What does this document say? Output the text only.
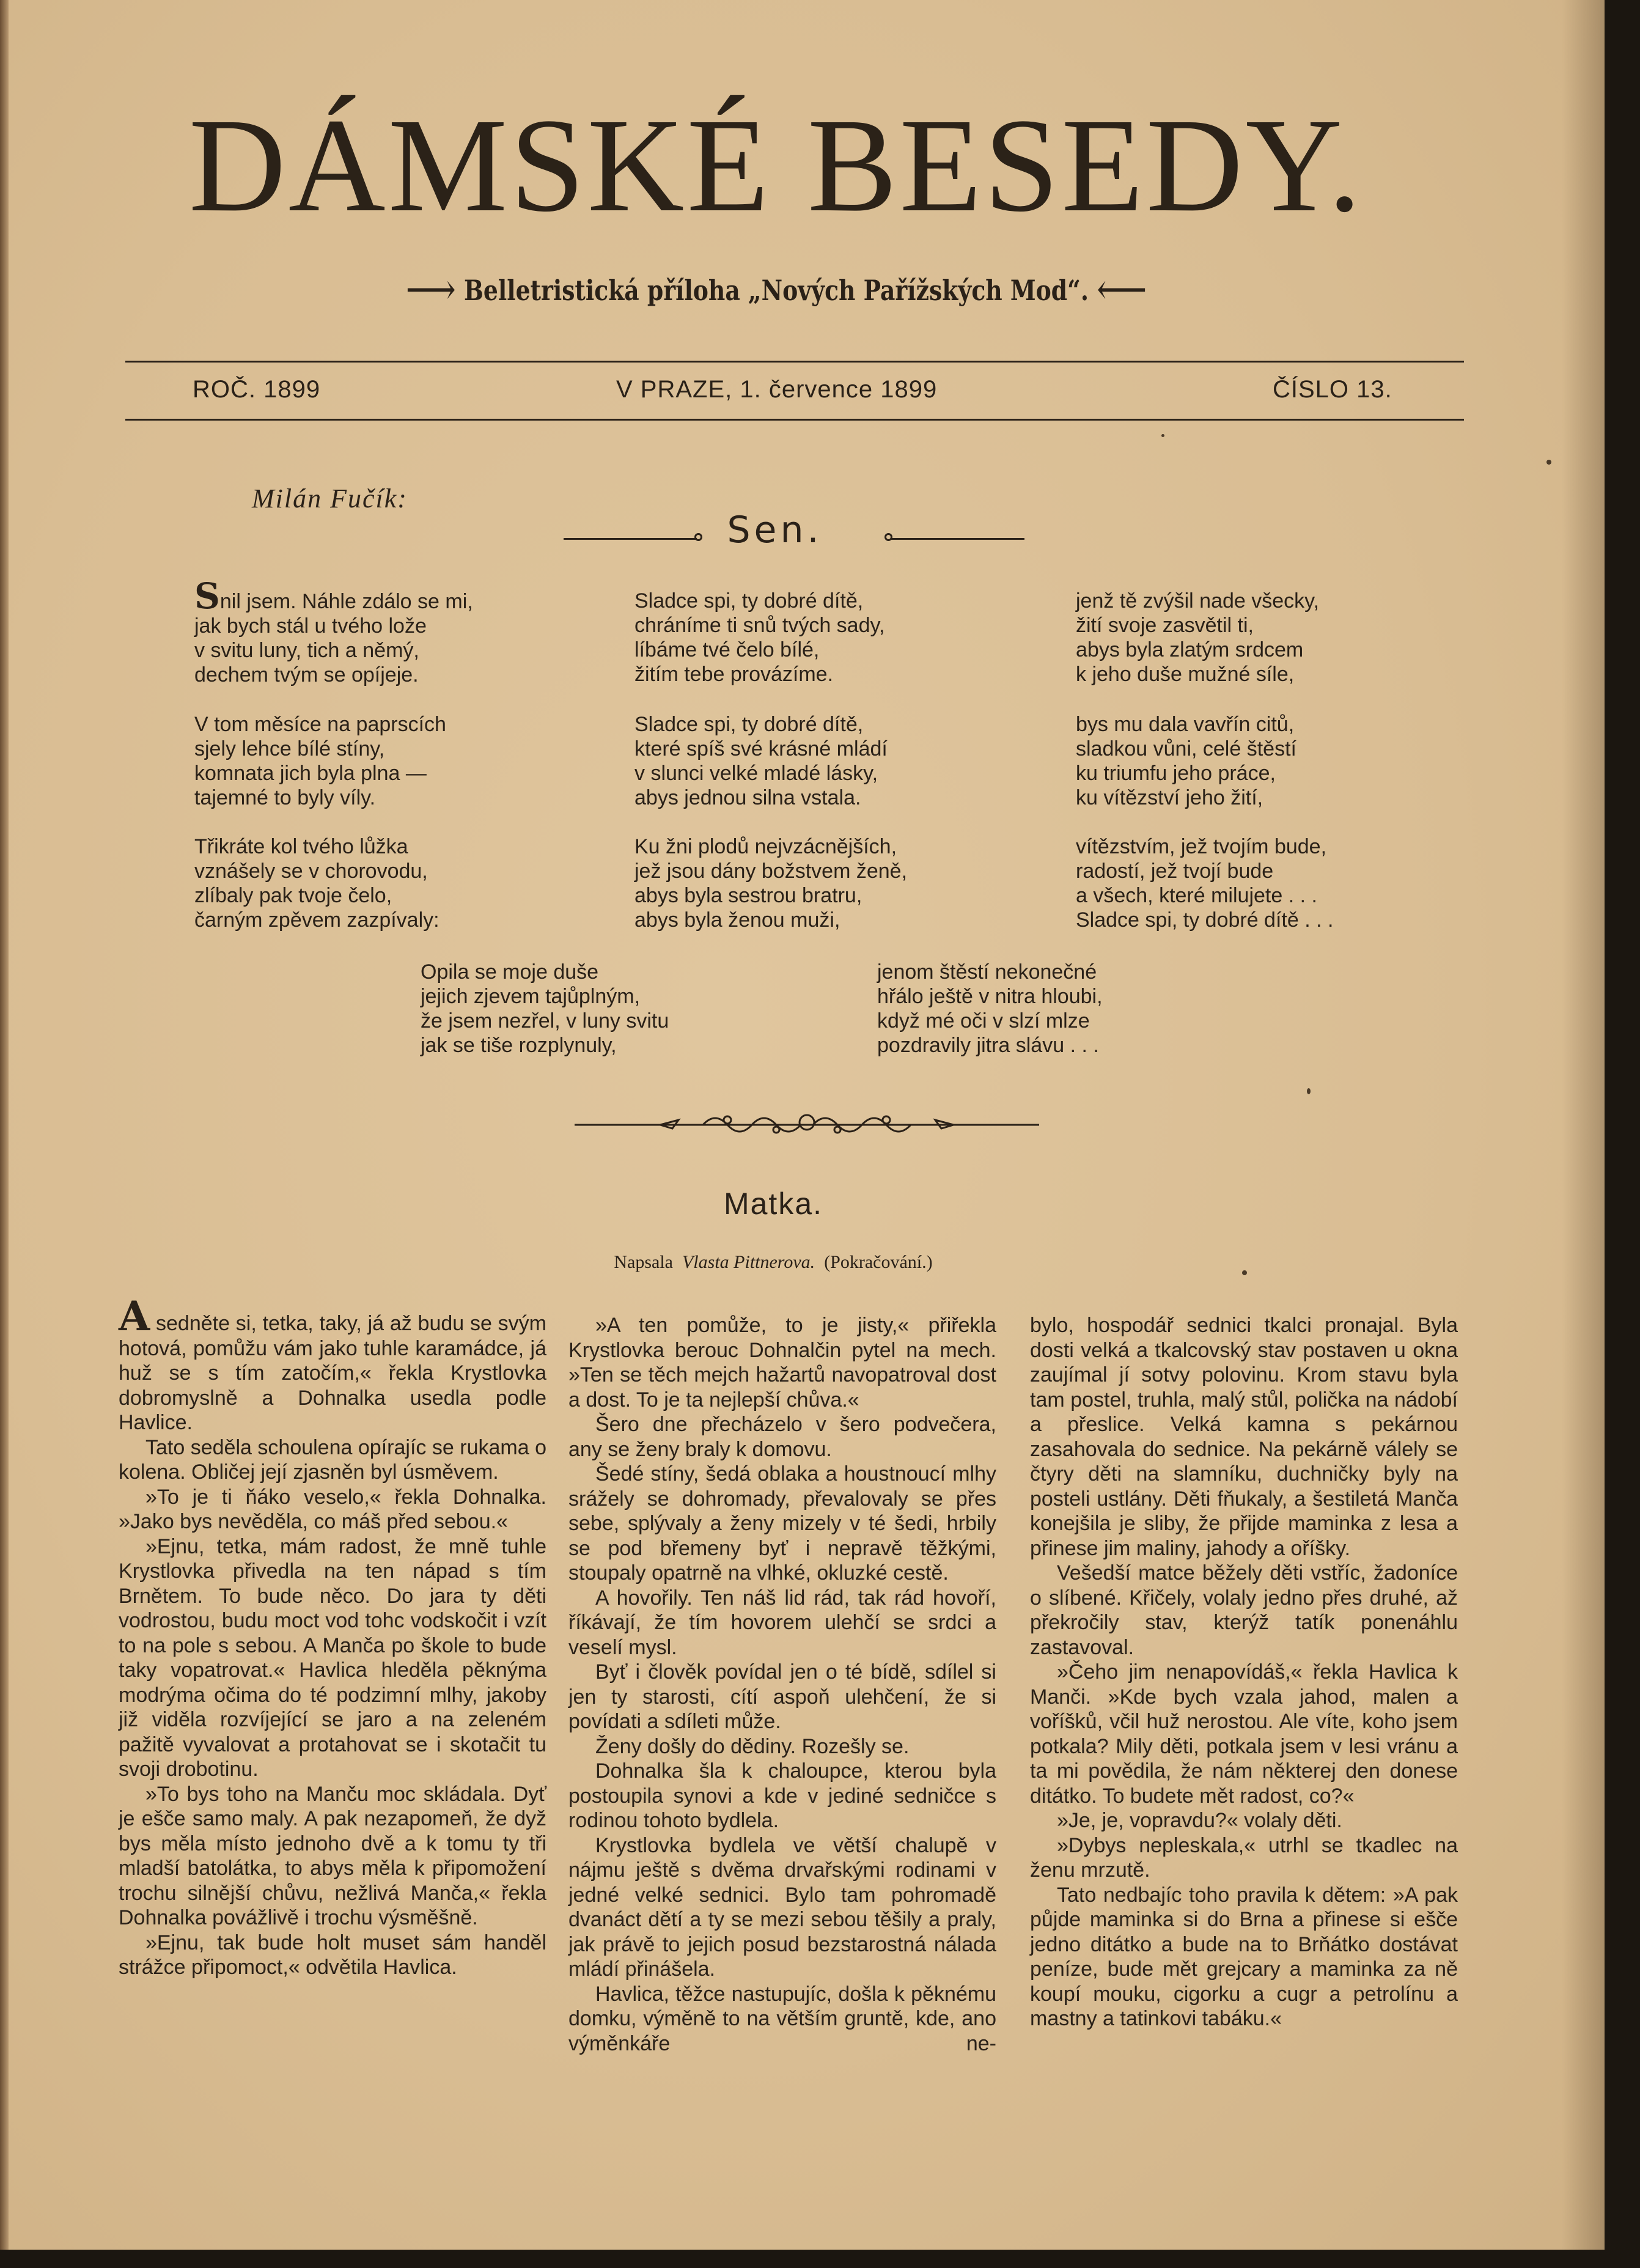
DÁMSKÉ BESEDY.
⟶ Belletristická příloha „Nových Pařížských Mod“. ⟵
ROČ. 1899	V PRAZE, 1. července 1899	ČÍSLO 13.
Milán Fučík:
Sen.
Snil jsem. Náhle zdálo se mi,
jak bych stál u tvého lože
v svitu luny, tich a němý,
dechem tvým se opíjeje.
V tom měsíce na paprscích
sjely lehce bílé stíny,
komnata jich byla plna —
tajemné to byly víly.
Třikráte kol tvého lůžka
vznášely se v chorovodu,
zlíbaly pak tvoje čelo,
čarným zpěvem zazpívaly:
Sladce spi, ty dobré dítě,
chráníme ti snů tvých sady,
líbáme tvé čelo bílé,
žitím tebe provázíme.
Sladce spi, ty dobré dítě,
které spíš své krásné mládí
v slunci velké mladé lásky,
abys jednou silna vstala.
Ku žni plodů nejvzácnějších,
jež jsou dány božstvem ženě,
abys byla sestrou bratru,
abys byla ženou muži,
jenž tě zvýšil nade všecky,
žití svoje zasvětil ti,
abys byla zlatým srdcem
k jeho duše mužné síle,
bys mu dala vavřín citů,
sladkou vůni, celé štěstí
ku triumfu jeho práce,
ku vítězství jeho žití,
vítězstvím, jež tvojím bude,
radostí, jež tvojí bude
a všech, které milujete . . .
Sladce spi, ty dobré dítě . . .
Opila se moje duše
jejich zjevem tajůplným,
že jsem nezřel, v luny svitu
jak se tiše rozplynuly,
jenom štěstí nekonečné
hřálo ještě v nitra hloubi,
když mé oči v slzí mlze
pozdravily jitra slávu . . .
Matka.
Napsala Vlasta Pittnerova. (Pokračování.)

A sedněte si, tetka, taky, já až budu se svým hotová, pomůžu vám jako tuhle karamádce, já huž se s tím zatočím,« řekla Krystlovka dobromyslně a Dohnalka usedla podle Havlice.

Tato seděla schoulena opírajíc se rukama o kolena. Obličej její zjasněn byl úsměvem.

»To je ti ňáko veselo,« řekla Dohnalka. »Jako bys nevěděla, co máš před sebou.«

»Ejnu, tetka, mám radost, že mně tuhle Krystlovka přivedla na ten nápad s tím Brnětem. To bude něco. Do jara ty děti vodrostou, budu moct vod tohc vodskočit i vzít to na pole s sebou. A Manča po škole to bude taky vopatrovat.« Havlica hleděla pěknýma modrýma očima do té podzimní mlhy, jakoby již viděla rozvíjející se jaro a na zeleném pažitě vyvalovat a protahovat se i skotačit tu svoji drobotinu.

»To bys toho na Manču moc skládala. Dyť je ešče samo maly. A pak nezapomeň, že dyž bys měla místo jednoho dvě a k tomu ty tři mladší batolátka, to abys měla k připomožení trochu silnější chůvu, nežlivá Manča,« řekla Dohnalka povážlivě i trochu výsměšně.

»Ejnu, tak bude holt muset sám handěl strážce připomoct,« odvětila Havlica.

»A ten pomůže, to je jisty,« přiřekla Krystlovka berouc Dohnalčin pytel na mech. »Ten se těch mejch hažartů navopatroval dost a dost. To je ta nejlepší chůva.«

Šero dne přecházelo v šero podvečera, any se ženy braly k domovu.

Šedé stíny, šedá oblaka a houstnoucí mlhy srážely se dohromady, převalovaly se přes sebe, splývaly a ženy mizely v té šedi, hrbily se pod břemeny byť i nepravě těžkými, stoupaly opatrně na vlhké, okluzké cestě.

A hovořily. Ten náš lid rád, tak rád hovoří, říkávají, že tím hovorem ulehčí se srdci a veselí mysl.

Byť i člověk povídal jen o té bídě, sdílel si jen ty starosti, cítí aspoň ulehčení, že si povídati a sdíleti může.

Ženy došly do dědiny. Rozešly se.

Dohnalka šla k chaloupce, kterou byla postoupila synovi a kde v jediné sedničce s rodinou tohoto bydlela.

Krystlovka bydlela ve větší chalupě v nájmu ještě s dvěma drvařskými rodinami v jedné velké sednici. Bylo tam pohromadě dvanáct dětí a ty se mezi sebou těšily a praly, jak právě to jejich posud bezstarostná nálada mládí přinášela.

Havlica, těžce nastupujíc, došla k pěknému domku, výměně to na větším gruntě, kde, ano výměnkáře ne-

bylo, hospodář sednici tkalci pronajal. Byla dosti velká a tkalcovský stav postaven u okna zaujímal jí sotvy polovinu. Krom stavu byla tam postel, truhla, malý stůl, polička na nádobí a přeslice. Velká kamna s pekárnou zasahovala do sednice. Na pekárně válely se čtyry děti na slamníku, duchničky byly na posteli ustlány. Děti fňukaly, a šestiletá Manča konejšila je sliby, že přijde maminka z lesa a přinese jim maliny, jahody a oříšky.

Vešedší matce běžely děti vstříc, žadoníce o slíbené. Křičely, volaly jedno přes druhé, až překročily stav, kterýž tatík ponenáhlu zastavoval.

»Čeho jim nenapovídáš,« řekla Havlica k Manči. »Kde bych vzala jahod, malen a voříšků, včil huž nerostou. Ale víte, koho jsem potkala? Mily děti, potkala jsem v lesi vránu a ta mi povědila, že nám některej den donese ditátko. To budete mět radost, co?«

»Je, je, vopravdu?« volaly děti.

»Dybys nepleskala,« utrhl se tkadlec na ženu mrzutě.

Tato nedbajíc toho pravila k dětem: »A pak půjde maminka si do Brna a přinese si ešče jedno ditátko a bude na to Brňátko dostávat peníze, bude mět grejcary a maminka za ně koupí mouku, cigorku a cugr a petrolínu a mastny a tatinkovi tabáku.«
